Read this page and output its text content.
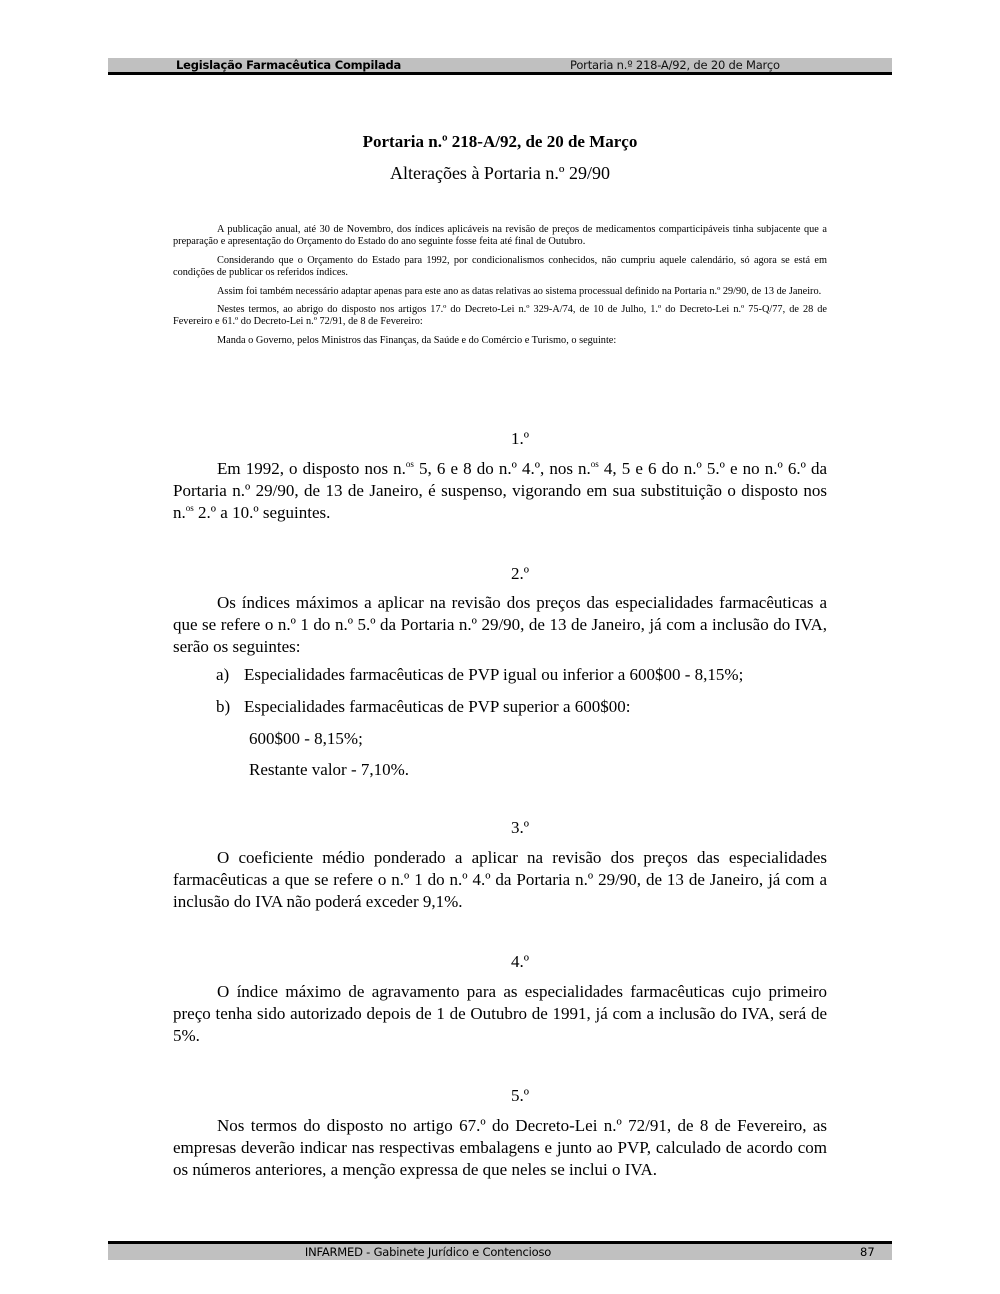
Legislação Farmacêutica Compilada	Portaria n.º 218-A/92, de 20 de Março
Portaria n.º 218-A/92, de 20 de Março
Alterações à Portaria n.º 29/90

A publicação anual, até 30 de Novembro, dos índices aplicáveis na revisão de preços de medicamentos comparticipáveis tinha subjacente que a preparação e apresentação do Orçamento do Estado do ano seguinte fosse feita até final de Outubro.

Considerando que o Orçamento do Estado para 1992, por condicionalismos conhecidos, não cumpriu aquele calendário, só agora se está em condições de publicar os referidos índices.

Assim foi também necessário adaptar apenas para este ano as datas relativas ao sistema processual definido na Portaria n.º 29/90, de 13 de Janeiro.

Nestes termos, ao abrigo do disposto nos artigos 17.º do Decreto-Lei n.º 329-A/74, de 10 de Julho, 1.º do Decreto-Lei n.º 75-Q/77, de 28 de Fevereiro e 61.º do Decreto-Lei n.º 72/91, de 8 de Fevereiro:

Manda o Governo, pelos Ministros das Finanças, da Saúde e do Comércio e Turismo, o seguinte:

1.º

Em 1992, o disposto nos n.$^{os}$ 5, 6 e 8 do n.º 4.º, nos n.$^{os}$ 4, 5 e 6 do n.º 5.º e no n.º 6.º da Portaria n.º 29/90, de 13 de Janeiro, é suspenso, vigorando em sua substituição o disposto nos n.$^{os}$ 2.º a 10.º seguintes.

2.º

Os índices máximos a aplicar na revisão dos preços das especialidades farmacêuticas a que se refere o n.º 1 do n.º 5.º da Portaria n.º 29/90, de 13 de Janeiro, já com a inclusão do IVA, serão os seguintes:

a) Especialidades farmacêuticas de PVP igual ou inferior a 600$00 - 8,15%;
b) Especialidades farmacêuticas de PVP superior a 600$00:
600$00 - 8,15%;
Restante valor - 7,10%.
3.º

O coeficiente médio ponderado a aplicar na revisão dos preços das especialidades farmacêuticas a que se refere o n.º 1 do n.º 4.º da Portaria n.º 29/90, de 13 de Janeiro, já com a inclusão do IVA não poderá exceder 9,1%.

4.º

O índice máximo de agravamento para as especialidades farmacêuticas cujo primeiro preço tenha sido autorizado depois de 1 de Outubro de 1991, já com a inclusão do IVA, será de 5%.

5.º

Nos termos do disposto no artigo 67.º do Decreto-Lei n.º 72/91, de 8 de Fevereiro, as empresas deverão indicar nas respectivas embalagens e junto ao PVP, calculado de acordo com os números anteriores, a menção expressa de que neles se inclui o IVA.

INFARMED - Gabinete Jurídico e Contencioso	87
